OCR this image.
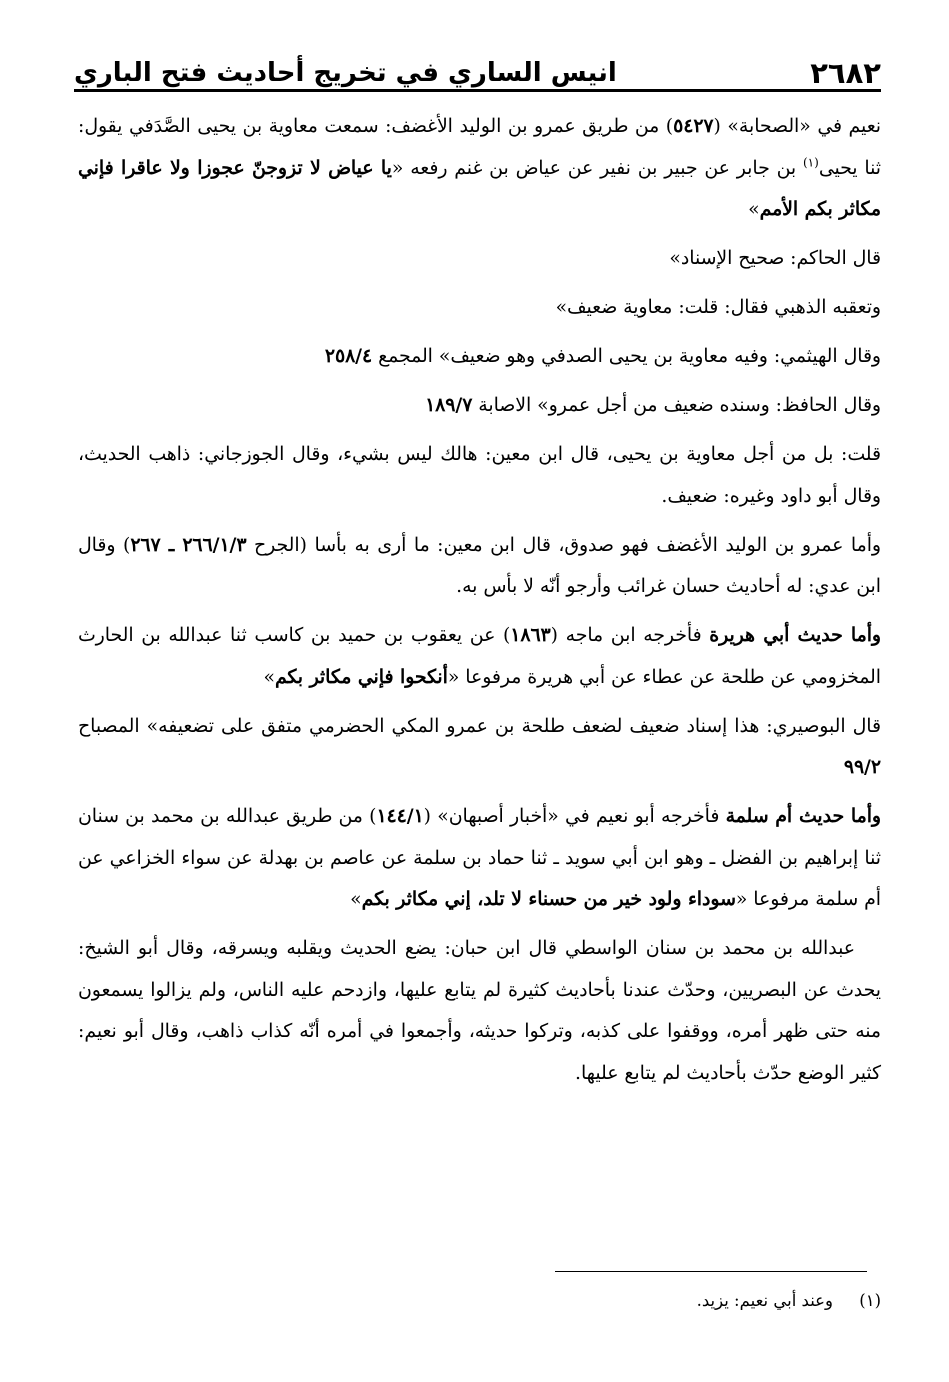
٢٦٨٢
انيس الساري في تخريج أحاديث فتح الباري

نعيم في «الصحابة» (٥٤٢٧) من طريق عمرو بن الوليد الأغضف: سمعت معاوية بن يحيى الصَّدَفي يقول: ثنا يحيى$^{(١)}$ بن جابر عن جبير بن نفير عن عياض بن غنم رفعه «يا عياض لا تزوجنّ عجوزا ولا عاقرا فإني مكاثر بكم الأمم»

قال الحاكم: صحيح الإسناد»

وتعقبه الذهبي فقال: قلت: معاوية ضعيف»

وقال الهيثمي: وفيه معاوية بن يحيى الصدفي وهو ضعيف» المجمع ٢٥٨/٤

وقال الحافظ: وسنده ضعيف من أجل عمرو» الاصابة ١٨٩/٧

قلت: بل من أجل معاوية بن يحيى، قال ابن معين: هالك ليس بشيء، وقال الجوزجاني: ذاهب الحديث، وقال أبو داود وغيره: ضعيف.

وأما عمرو بن الوليد الأغضف فهو صدوق، قال ابن معين: ما أرى به بأسا (الجرح ٢٦٦/١/٣ ـ ٢٦٧) وقال ابن عدي: له أحاديث حسان غرائب وأرجو أنّه لا بأس به.

وأما حديث أبي هريرة فأخرجه ابن ماجه (١٨٦٣) عن يعقوب بن حميد بن كاسب ثنا عبدالله بن الحارث المخزومي عن طلحة عن عطاء عن أبي هريرة مرفوعا «أنكحوا فإني مكاثر بكم»

قال البوصيري: هذا إسناد ضعيف لضعف طلحة بن عمرو المكي الحضرمي متفق على تضعيفه» المصباح ٩٩/٢

وأما حديث أم سلمة فأخرجه أبو نعيم في «أخبار أصبهان» (١٤٤/١) من طريق عبدالله بن محمد بن سنان ثنا إبراهيم بن الفضل ـ وهو ابن أبي سويد ـ ثنا حماد بن سلمة عن عاصم بن بهدلة عن سواء الخزاعي عن أم سلمة مرفوعا «سوداء ولود خير من حسناء لا تلد، إني مكاثر بكم»

عبدالله بن محمد بن سنان الواسطي قال ابن حبان: يضع الحديث ويقلبه ويسرقه، وقال أبو الشيخ: يحدث عن البصريين، وحدّث عندنا بأحاديث كثيرة لم يتابع عليها، وازدحم عليه الناس، ولم يزالوا يسمعون منه حتى ظهر أمره، ووقفوا على كذبه، وتركوا حديثه، وأجمعوا في أمره أنّه كذاب ذاهب، وقال أبو نعيم: كثير الوضع حدّث بأحاديث لم يتابع عليها.

(١)     وعند أبي نعيم: يزيد.
